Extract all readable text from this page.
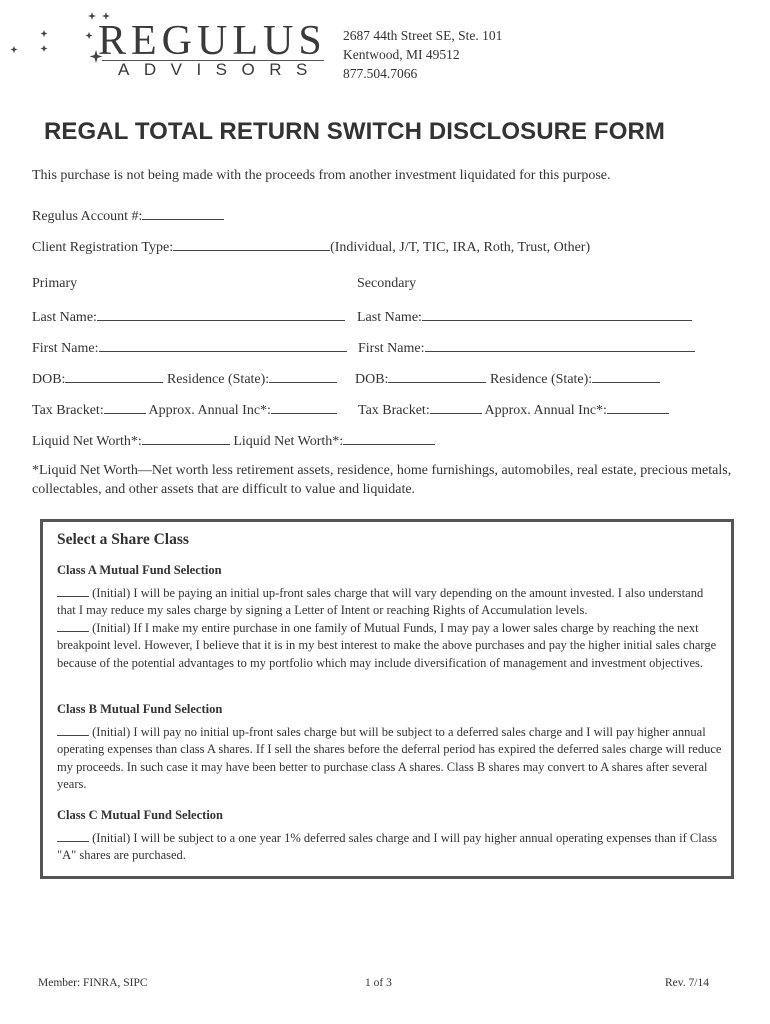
REGULUS
ADVISORS
2687 44th Street SE, Ste. 101
Kentwood, MI 49512
877.504.7066
REGAL TOTAL RETURN SWITCH DISCLOSURE FORM
This purchase is not being made with the proceeds from another investment liquidated for this purpose.
Regulus Account #:
Client Registration Type:	(Individual, J/T, TIC, IRA, Roth, Trust, Other)
Primary	Secondary
Last Name:	Last Name:
First Name:	First Name:
DOB:	Residence (State):	DOB:	Residence (State):
Tax Bracket:	Approx. Annual Inc*:	Tax Bracket:	Approx. Annual Inc*:
Liquid Net Worth*:	Liquid Net Worth*:
*Liquid Net Worth—Net worth less retirement assets, residence, home furnishings, automobiles, real estate, precious metals, collectables, and other assets that are difficult to value and liquidate.
Select a Share Class
Class A Mutual Fund Selection

(Initial) I will be paying an initial up-front sales charge that will vary depending on the amount invested. I also understand that I may reduce my sales charge by signing a Letter of Intent or reaching Rights of Accumulation levels.

(Initial) If I make my entire purchase in one family of Mutual Funds, I may pay a lower sales charge by reaching the next breakpoint level. However, I believe that it is in my best interest to make the above purchases and pay the higher initial sales charge because of the potential advantages to my portfolio which may include diversification of management and investment objectives.

Class B Mutual Fund Selection

(Initial) I will pay no initial up-front sales charge but will be subject to a deferred sales charge and I will pay higher annual operating expenses than class A shares. If I sell the shares before the deferral period has expired the deferred sales charge will reduce my proceeds. In such case it may have been better to purchase class A shares. Class B shares may convert to A shares after several years.

Class C Mutual Fund Selection

(Initial) I will be subject to a one year 1% deferred sales charge and I will pay higher annual operating expenses than if Class "A" shares are purchased.

Member: FINRA, SIPC	1 of 3	Rev. 7/14
